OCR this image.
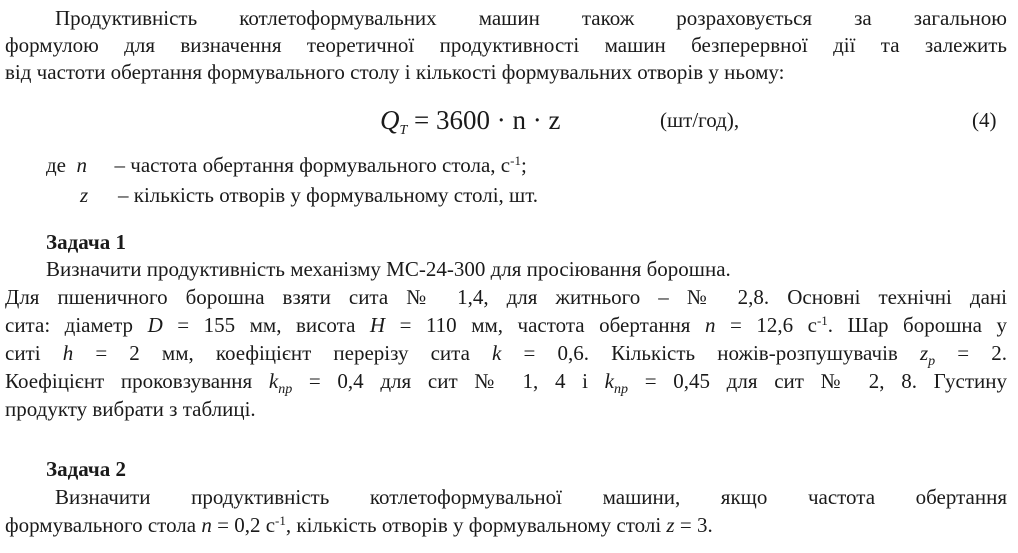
Продуктивність котлетоформувальних машин також розраховується за загальною
формулою для визначення теоретичної продуктивності машин безперервної дії та залежить
від частоти обертання формувального столу і кількості формувальних отворів у ньому:
$Q_T = 3600 \cdot n \cdot z$	(шт/год),	(4)
де n – частота обертання формувального стола, $с^{-1}$;
z – кількість отворів у формувальному столі, шт.
Задача 1
Визначити продуктивність механізму МС-24-300 для просіювання борошна.
Для пшеничного борошна взяти сита № 1,4, для житнього – № 2,8. Основні технічні дані
сита: діаметр D = 155 мм, висота H = 110 мм, частота обертання n = 12,6 $с^{-1}$. Шар борошна у
ситі h = 2 мм, коефіцієнт перерізу сита k = 0,6. Кількість ножів-розпушувачів $z_p = 2$.
Коефіцієнт проковзування $k_{пр} = 0,4$ для сит № 1, 4 і $k_{пр} = 0,45$ для сит № 2, 8. Густину
продукту вибрати з таблиці.
Задача 2
Визначити продуктивність котлетоформувальної машини, якщо частота обертання
формувального стола n = 0,2 $с^{-1}$, кількість отворів у формувальному столі z = 3.
